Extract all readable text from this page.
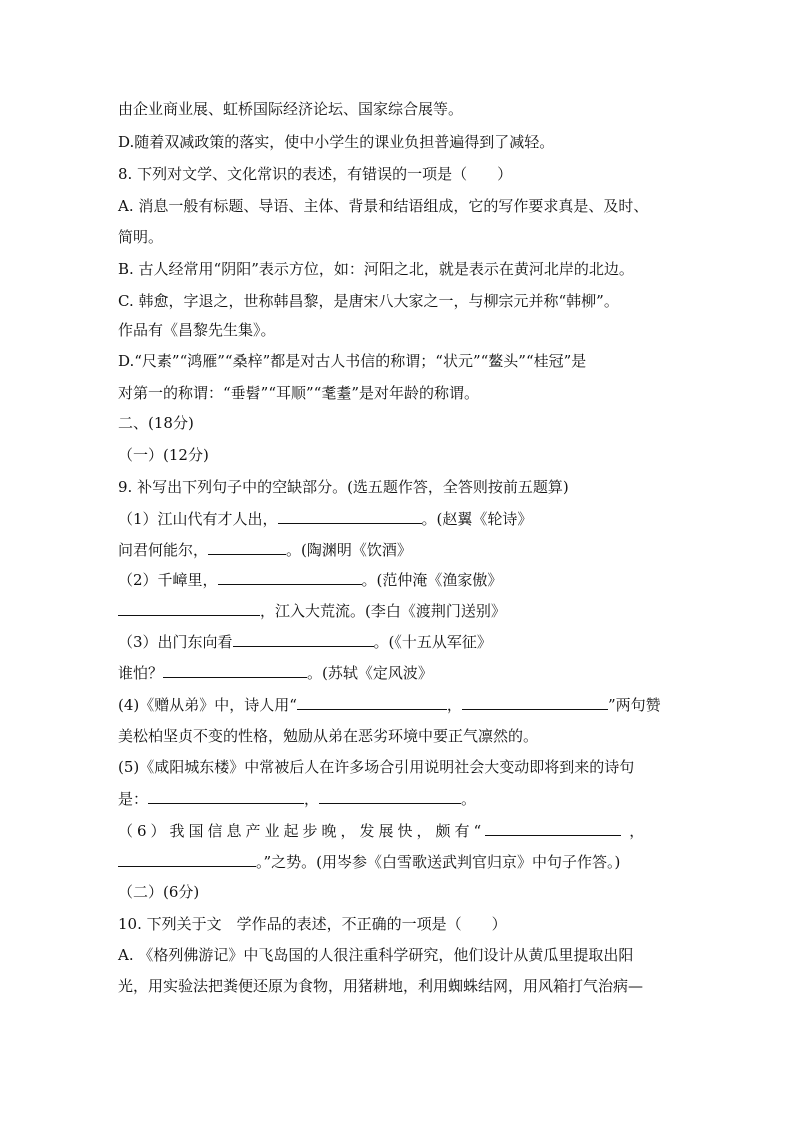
由企业商业展、虹桥国际经济论坛、国家综合展等。
D.随着双减政策的落实，使中小学生的课业负担普遍得到了减轻。
8. 下列对文学、文化常识的表述，有错误的一项是（　　）
A. 消息一般有标题、导语、主体、背景和结语组成，它的写作要求真是、及时、
简明。
B. 古人经常用“阴阳”表示方位，如：河阳之北，就是表示在黄河北岸的北边。
C. 韩愈，字退之，世称韩昌黎，是唐宋八大家之一，与柳宗元并称“韩柳”。
作品有《昌黎先生集》。
D.“尺素”“鸿雁”“桑梓”都是对古人书信的称谓；“状元”“鳌头”“桂冠”是
对第一的称谓：“垂髫”“耳顺”“耄耋”是对年龄的称谓。
二、(18分)
（一）(12分)
9. 补写出下列句子中的空缺部分。(选五题作答，全答则按前五题算)
（1）江山代有才人出，	。(赵翼《轮诗》
问君何能尔，	。(陶渊明《饮酒》
（2）千嶂里，	。(范仲淹《渔家傲》
，江入大荒流。(李白《渡荆门送别》
（3）出门东向看	。(《十五从军征》
谁怕？	。(苏轼《定风波》
(4)《赠从弟》中，诗人用“	，	”两句赞
美松柏坚贞不变的性格，勉励从弟在恶劣环境中要正气凛然的。
(5)《咸阳城东楼》中常被后人在许多场合引用说明社会大变动即将到来的诗句
是：	，	。
（6）我国信息产业起步晚，发展快，颇有“	，
。”之势。(用岑参《白雪歌送武判官归京》中句子作答。)
（二）(6分)
10. 下列关于文　学作品的表述，不正确的一项是（　　）
A. 《格列佛游记》中飞岛国的人很注重科学研究，他们设计从黄瓜里提取出阳
光，用实验法把粪便还原为食物，用猪耕地，利用蜘蛛结网，用风箱打气治病—
